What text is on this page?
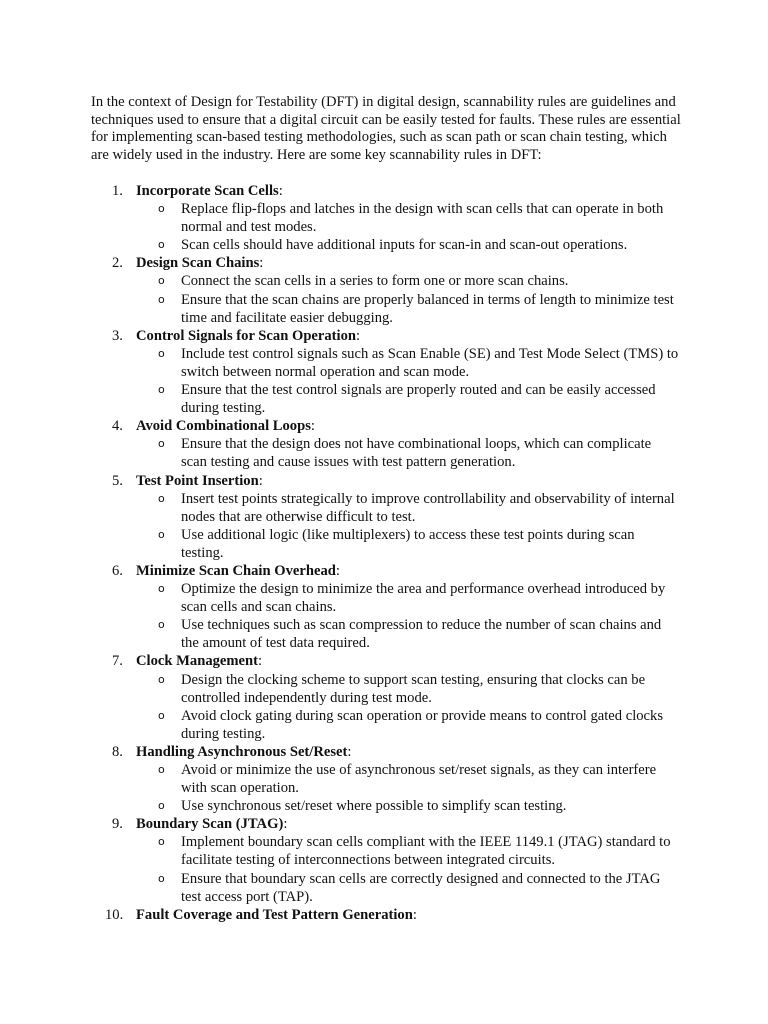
In the context of Design for Testability (DFT) in digital design, scannability rules are guidelines and techniques used to ensure that a digital circuit can be easily tested for faults. These rules are essential for implementing scan-based testing methodologies, such as scan path or scan chain testing, which are widely used in the industry. Here are some key scannability rules in DFT:

1. Incorporate Scan Cells:
o Replace flip-flops and latches in the design with scan cells that can operate in both normal and test modes.
o Scan cells should have additional inputs for scan-in and scan-out operations.
2. Design Scan Chains:
o Connect the scan cells in a series to form one or more scan chains.
o Ensure that the scan chains are properly balanced in terms of length to minimize test time and facilitate easier debugging.
3. Control Signals for Scan Operation:
o Include test control signals such as Scan Enable (SE) and Test Mode Select (TMS) to switch between normal operation and scan mode.
o Ensure that the test control signals are properly routed and can be easily accessed during testing.
4. Avoid Combinational Loops:
o Ensure that the design does not have combinational loops, which can complicate scan testing and cause issues with test pattern generation.
5. Test Point Insertion:
o Insert test points strategically to improve controllability and observability of internal nodes that are otherwise difficult to test.
o Use additional logic (like multiplexers) to access these test points during scan testing.
6. Minimize Scan Chain Overhead:
o Optimize the design to minimize the area and performance overhead introduced by scan cells and scan chains.
o Use techniques such as scan compression to reduce the number of scan chains and the amount of test data required.
7. Clock Management:
o Design the clocking scheme to support scan testing, ensuring that clocks can be controlled independently during test mode.
o Avoid clock gating during scan operation or provide means to control gated clocks during testing.
8. Handling Asynchronous Set/Reset:
o Avoid or minimize the use of asynchronous set/reset signals, as they can interfere with scan operation.
o Use synchronous set/reset where possible to simplify scan testing.
9. Boundary Scan (JTAG):
o Implement boundary scan cells compliant with the IEEE 1149.1 (JTAG) standard to facilitate testing of interconnections between integrated circuits.
o Ensure that boundary scan cells are correctly designed and connected to the JTAG test access port (TAP).
10. Fault Coverage and Test Pattern Generation:
